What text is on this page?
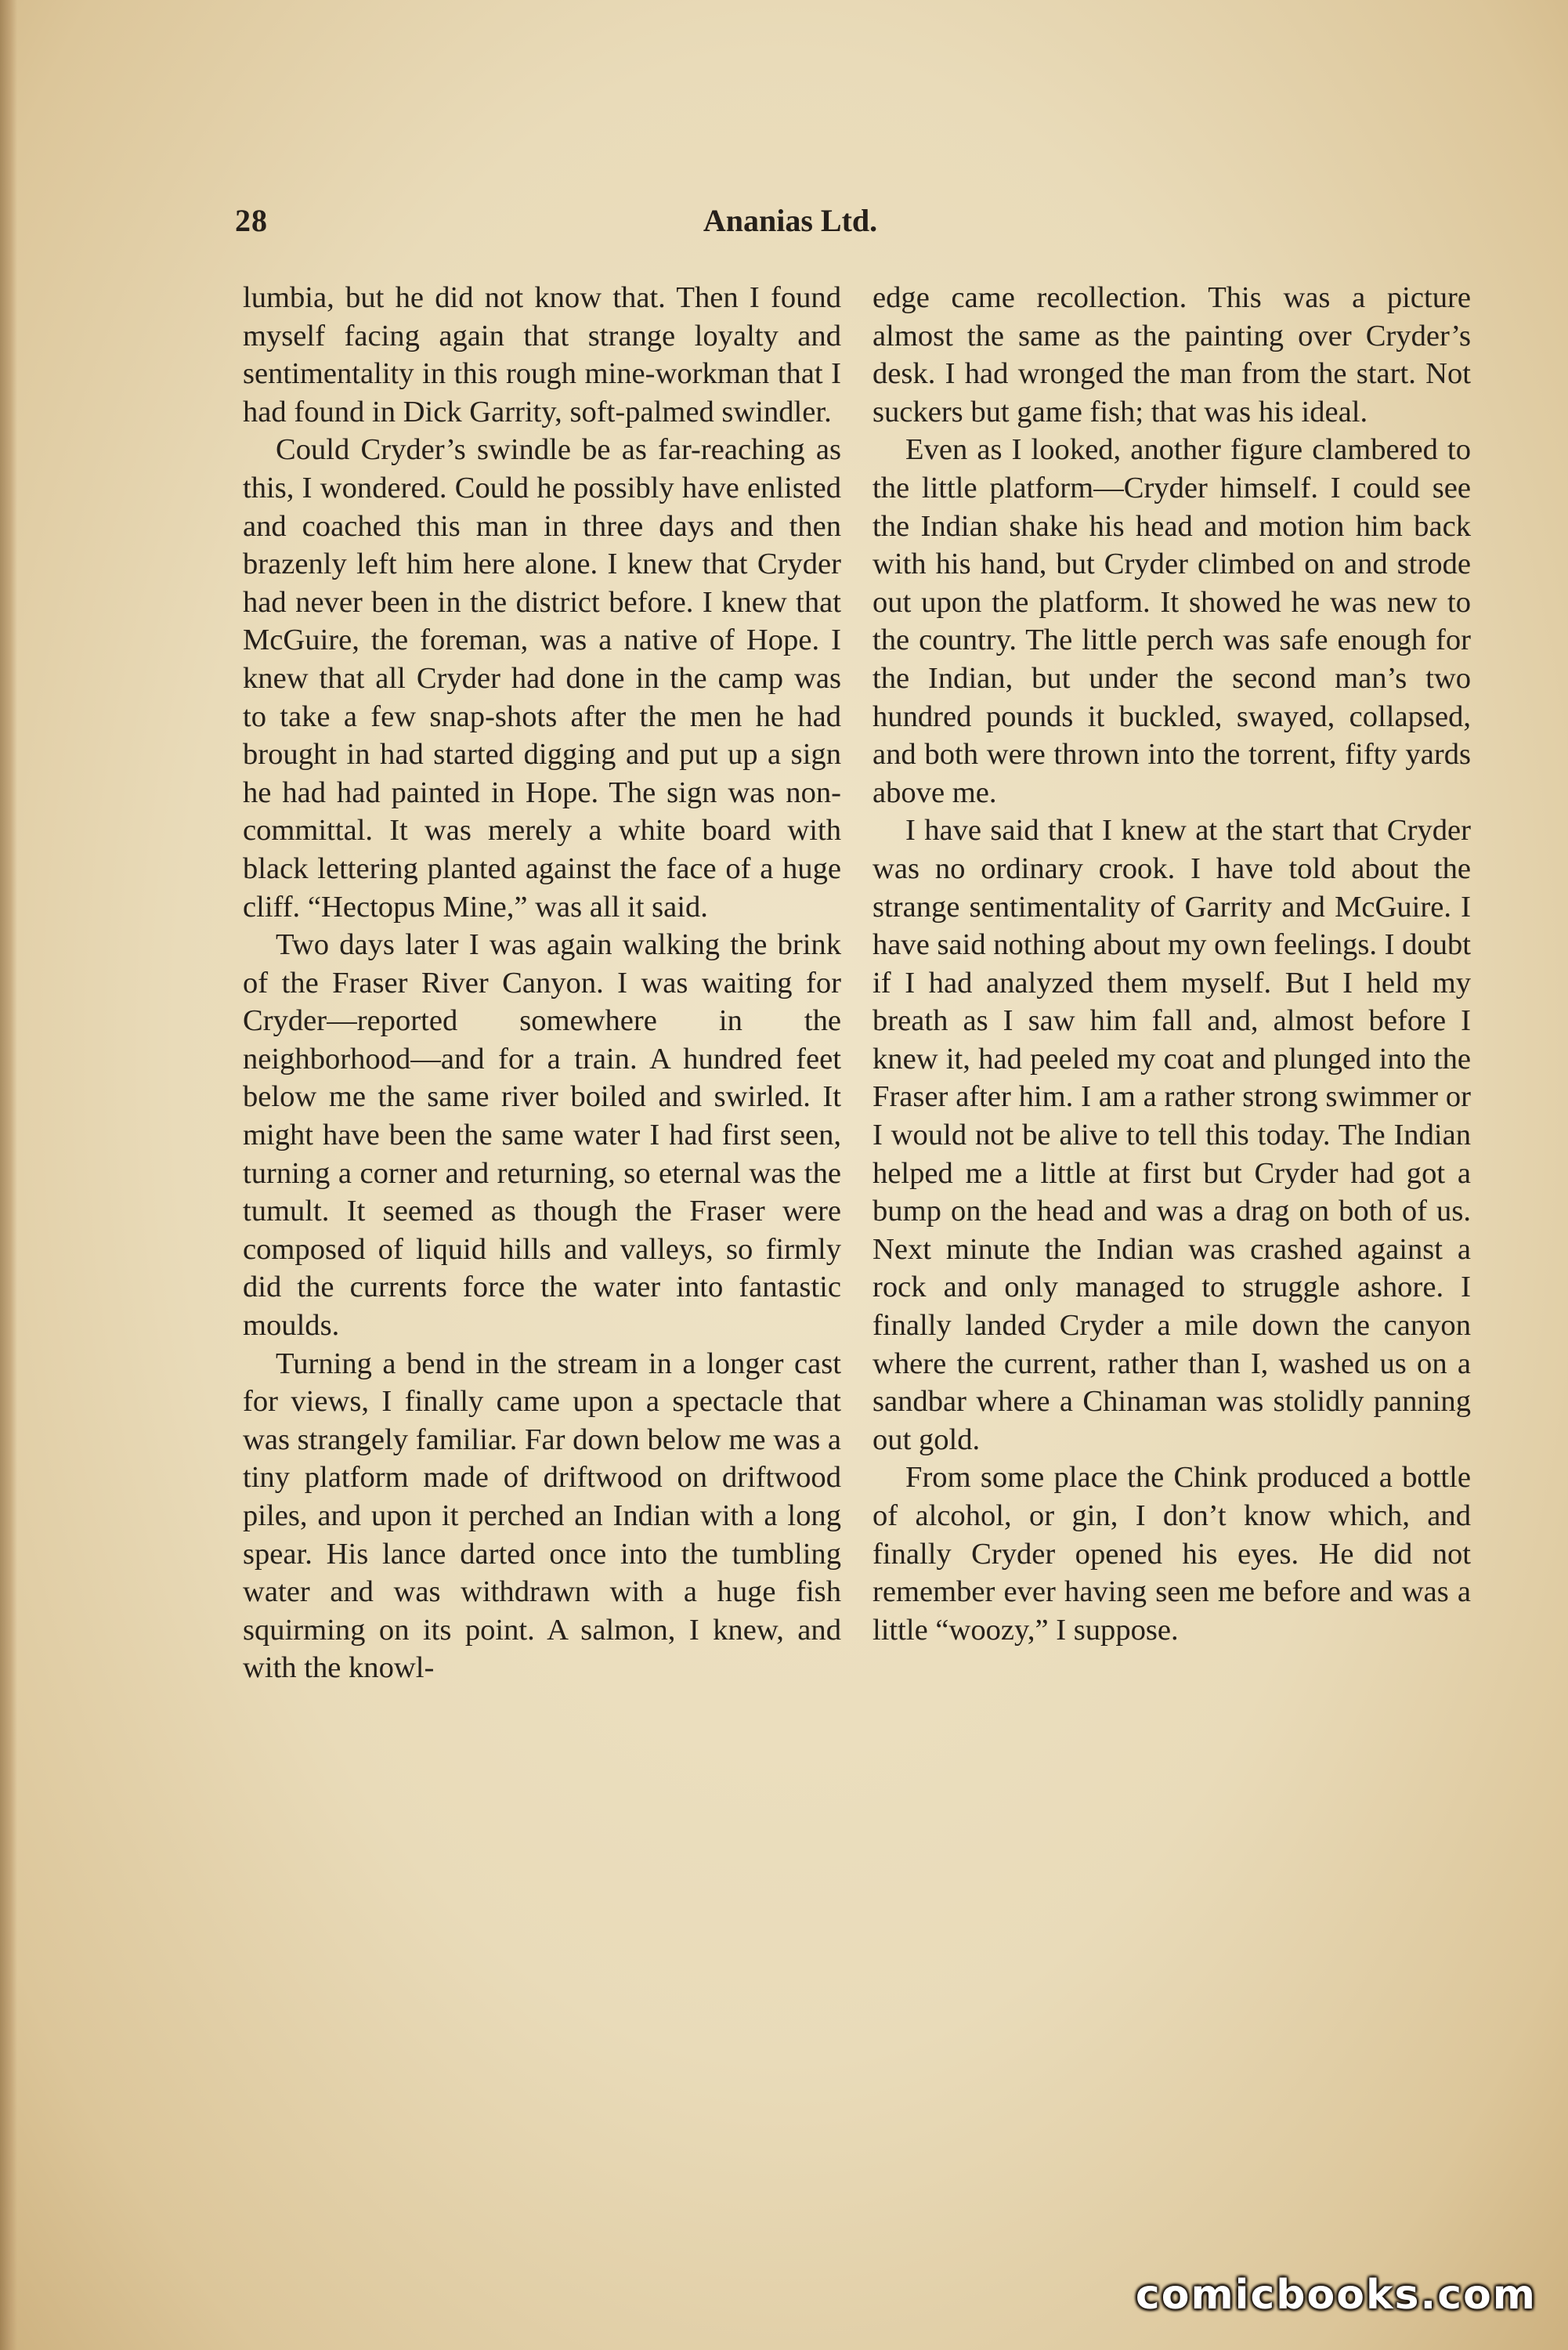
28	Ananias Ltd.

lumbia, but he did not know that. Then I found myself facing again that strange loyalty and sentimentality in this rough mine-workman that I had found in Dick Garrity, soft-palmed swindler.

Could Cryder’s swindle be as far-reaching as this, I wondered. Could he possibly have enlisted and coached this man in three days and then brazenly left him here alone. I knew that Cryder had never been in the district before. I knew that McGuire, the foreman, was a native of Hope. I knew that all Cryder had done in the camp was to take a few snap-shots after the men he had brought in had started digging and put up a sign he had had painted in Hope. The sign was non-committal. It was merely a white board with black lettering planted against the face of a huge cliff. “Hectopus Mine,” was all it said.

Two days later I was again walking the brink of the Fraser River Canyon. I was waiting for Cryder—reported somewhere in the neighborhood—and for a train. A hundred feet below me the same river boiled and swirled. It might have been the same water I had first seen, turning a corner and returning, so eternal was the tumult. It seemed as though the Fraser were composed of liquid hills and valleys, so firmly did the currents force the water into fantastic moulds.

Turning a bend in the stream in a longer cast for views, I finally came upon a spectacle that was strangely familiar. Far down below me was a tiny platform made of driftwood on driftwood piles, and upon it perched an Indian with a long spear. His lance darted once into the tumbling water and was withdrawn with a huge fish squirming on its point. A salmon, I knew, and with the knowl-

edge came recollection. This was a picture almost the same as the painting over Cryder’s desk. I had wronged the man from the start. Not suckers but game fish; that was his ideal.

Even as I looked, another figure clambered to the little platform—Cryder himself. I could see the Indian shake his head and motion him back with his hand, but Cryder climbed on and strode out upon the platform. It showed he was new to the country. The little perch was safe enough for the Indian, but under the second man’s two hundred pounds it buckled, swayed, collapsed, and both were thrown into the torrent, fifty yards above me.

I have said that I knew at the start that Cryder was no ordinary crook. I have told about the strange sentimentality of Garrity and McGuire. I have said nothing about my own feelings. I doubt if I had analyzed them myself. But I held my breath as I saw him fall and, almost before I knew it, had peeled my coat and plunged into the Fraser after him. I am a rather strong swimmer or I would not be alive to tell this today. The Indian helped me a little at first but Cryder had got a bump on the head and was a drag on both of us. Next minute the Indian was crashed against a rock and only managed to struggle ashore. I finally landed Cryder a mile down the canyon where the current, rather than I, washed us on a sandbar where a Chinaman was stolidly panning out gold.

From some place the Chink produced a bottle of alcohol, or gin, I don’t know which, and finally Cryder opened his eyes. He did not remember ever having seen me before and was a little “woozy,” I suppose.

comicbooks.com
